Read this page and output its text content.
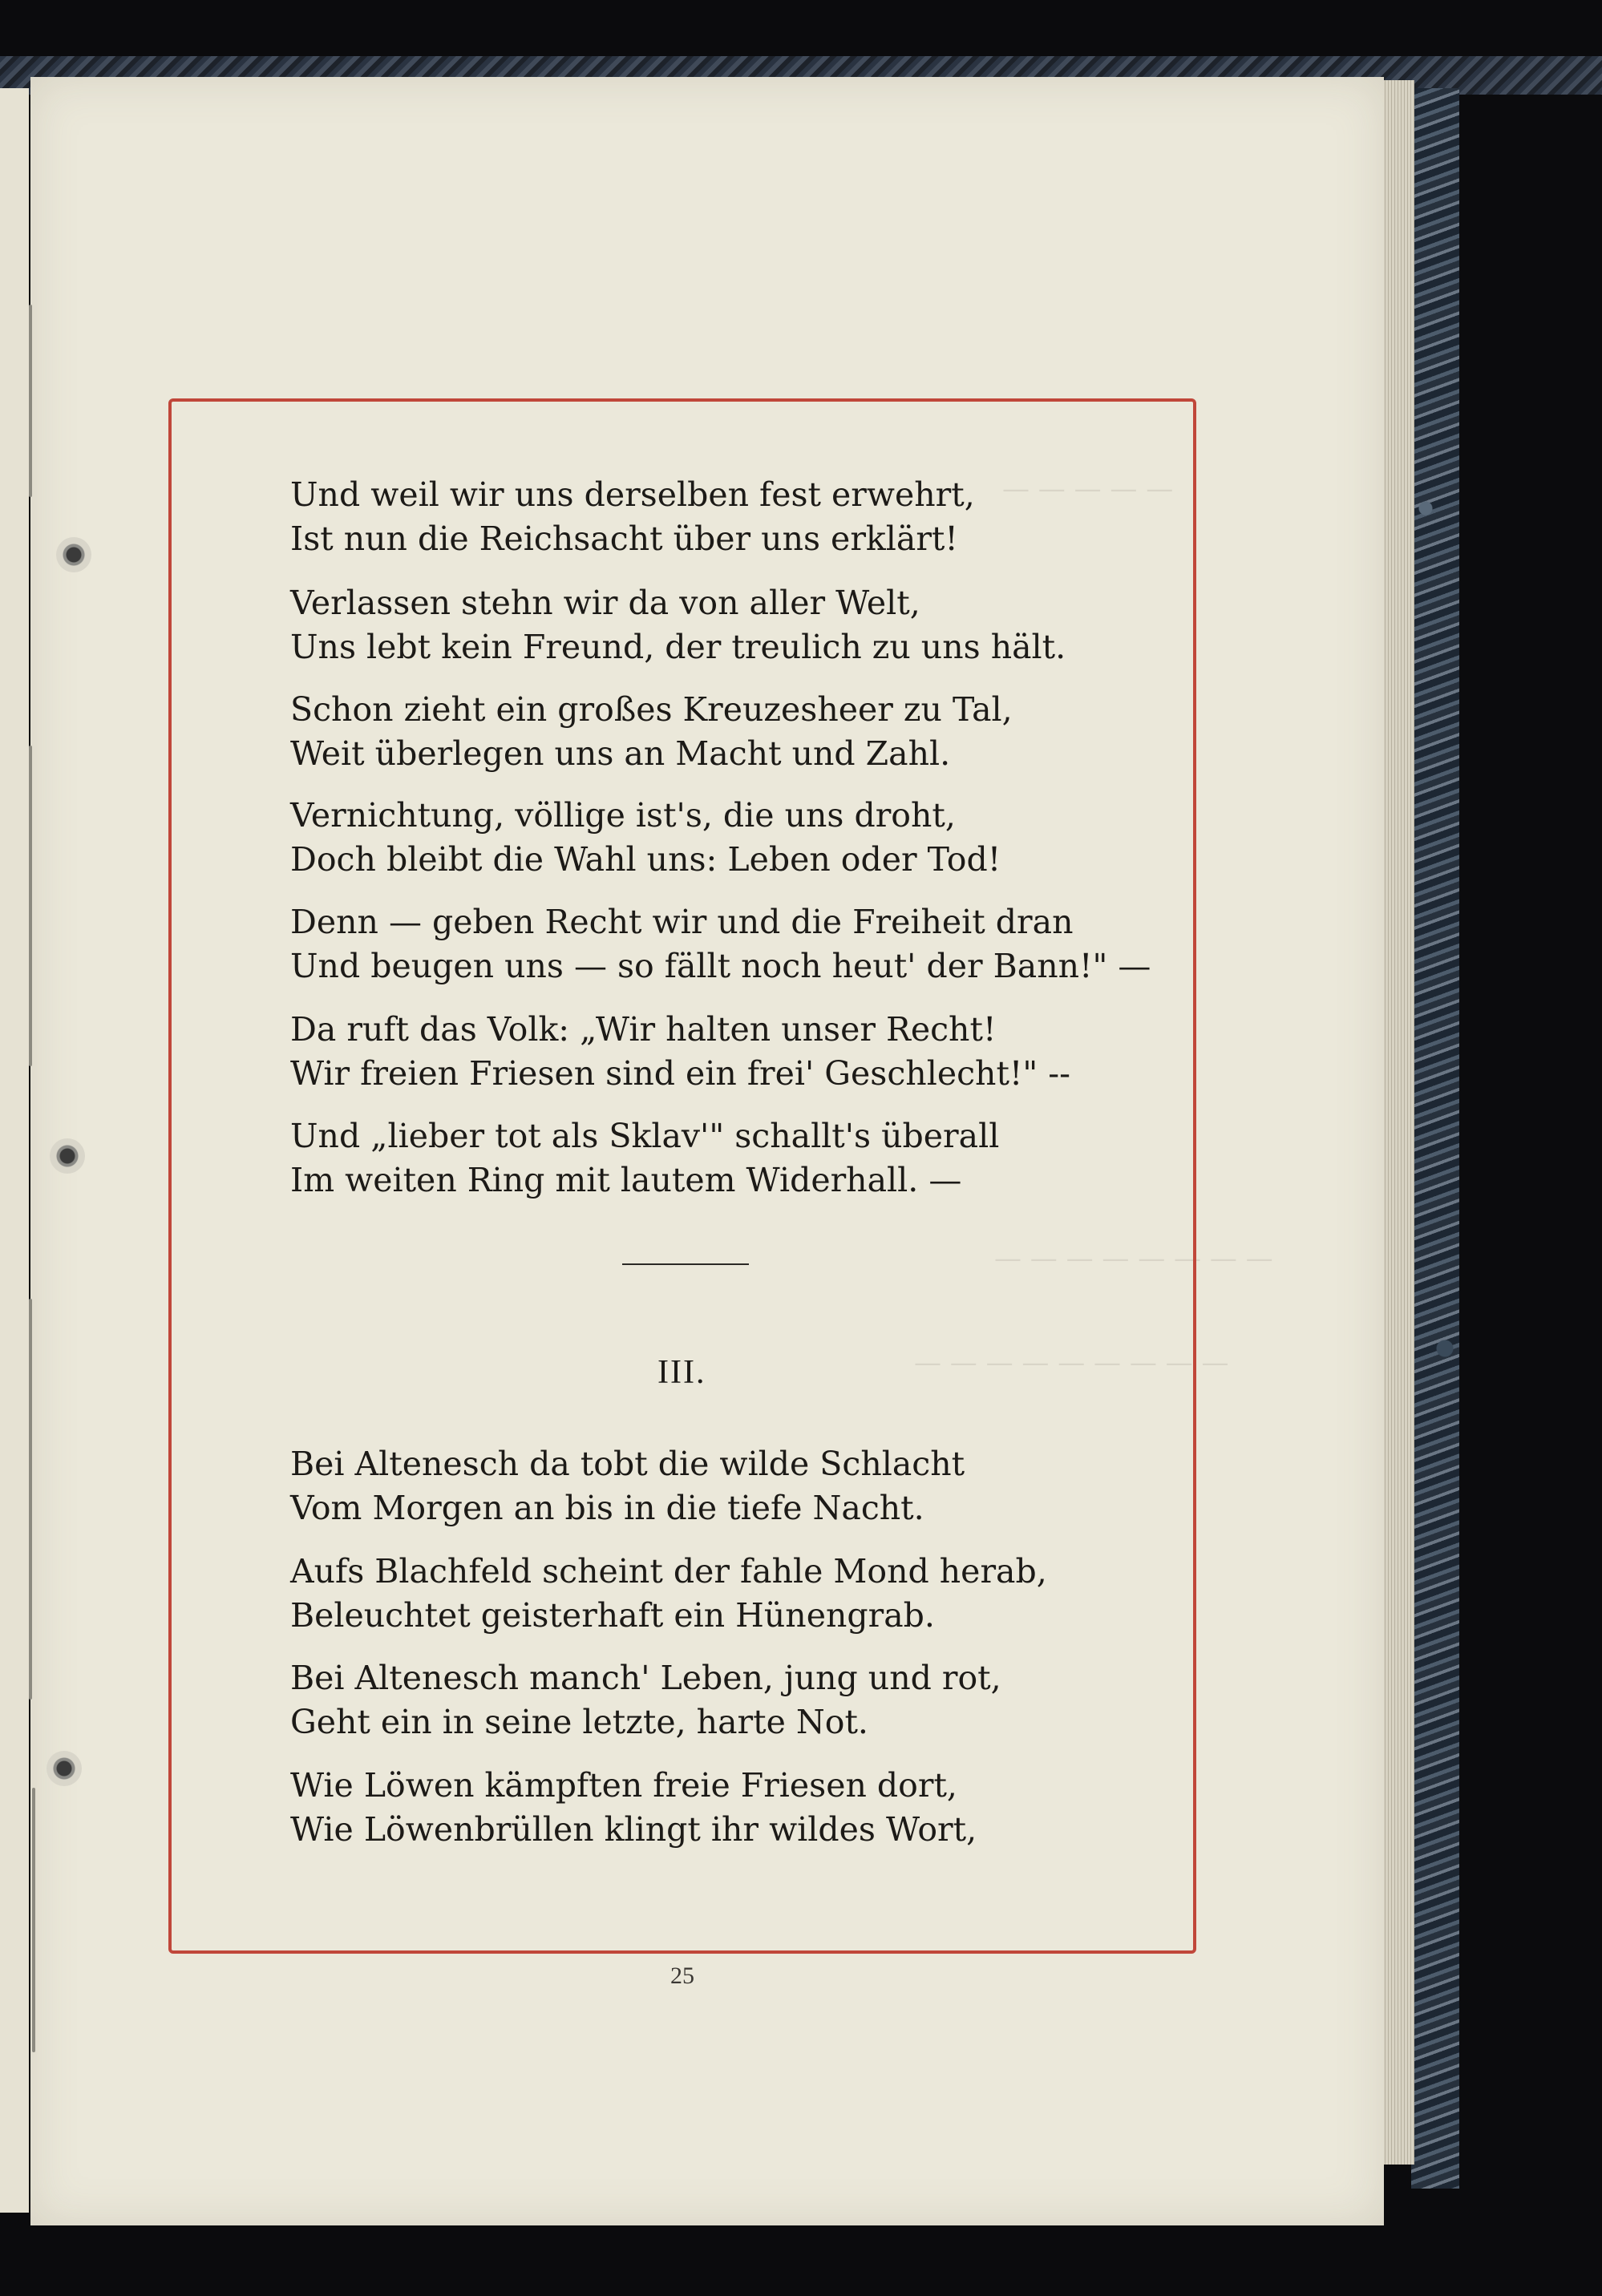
— — — — —
— — — — — — — —
— — — — — — — — —
Und weil wir uns derselben fest erwehrt,
Ist nun die Reichsacht über uns erklärt!
Verlassen stehn wir da von aller Welt,
Uns lebt kein Freund, der treulich zu uns hält.
Schon zieht ein großes Kreuzesheer zu Tal,
Weit überlegen uns an Macht und Zahl.
Vernichtung, völlige ist's, die uns droht,
Doch bleibt die Wahl uns: Leben oder Tod!
Denn — geben Recht wir und die Freiheit dran
Und beugen uns — so fällt noch heut' der Bann!" —
Da ruft das Volk: „Wir halten unser Recht!
Wir freien Friesen sind ein frei' Geschlecht!" --
Und „lieber tot als Sklav'" schallt's überall
Im weiten Ring mit lautem Widerhall. —
Bei Altenesch da tobt die wilde Schlacht
Vom Morgen an bis in die tiefe Nacht.
Aufs Blachfeld scheint der fahle Mond herab,
Beleuchtet geisterhaft ein Hünengrab.
Bei Altenesch manch' Leben, jung und rot,
Geht ein in seine letzte, harte Not.
Wie Löwen kämpften freie Friesen dort,
Wie Löwenbrüllen klingt ihr wildes Wort,
III.
25
